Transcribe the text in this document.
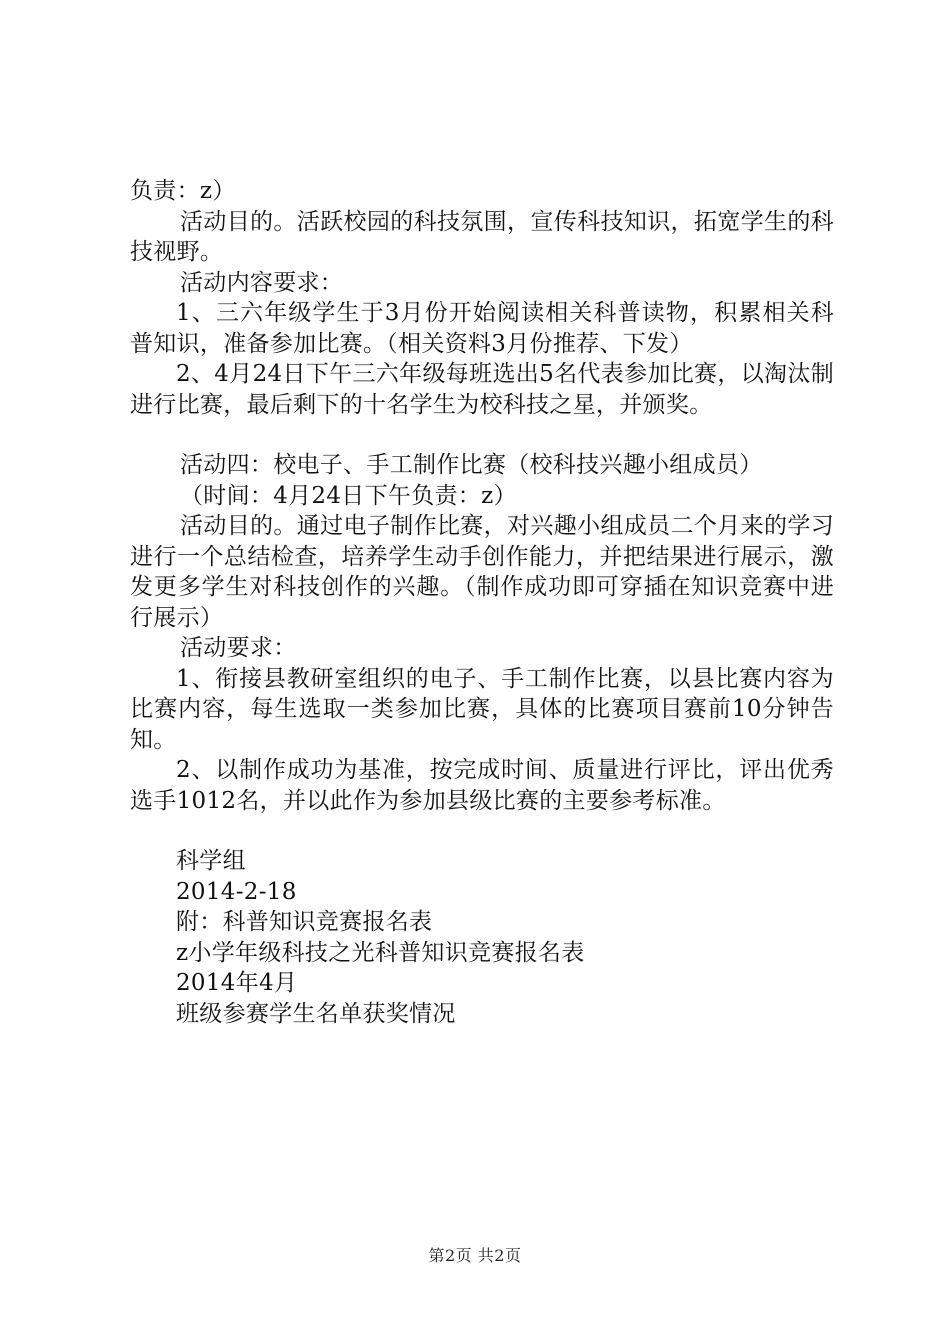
负责：z）

活动目的。活跃校园的科技氛围，宣传科技知识，拓宽学生的科技视野。

活动内容要求：

1、三六年级学生于3月份开始阅读相关科普读物，积累相关科普知识，准备参加比赛。（相关资料3月份推荐、下发）

2、4月24日下午三六年级每班选出5名代表参加比赛，以淘汰制进行比赛，最后剩下的十名学生为校科技之星，并颁奖。

活动四：校电子、手工制作比赛（校科技兴趣小组成员）

（时间：4月24日下午负责：z）

活动目的。通过电子制作比赛，对兴趣小组成员二个月来的学习进行一个总结检查，培养学生动手创作能力，并把结果进行展示，激发更多学生对科技创作的兴趣。（制作成功即可穿插在知识竞赛中进行展示）

活动要求：

1、衔接县教研室组织的电子、手工制作比赛，以县比赛内容为比赛内容，每生选取一类参加比赛，具体的比赛项目赛前10分钟告知。

2、以制作成功为基准，按完成时间、质量进行评比，评出优秀选手1012名，并以此作为参加县级比赛的主要参考标准。

科学组

2014-2-18

附：科普知识竞赛报名表

z小学年级科技之光科普知识竞赛报名表

2014年4月

班级参赛学生名单获奖情况

第2页 共2页
